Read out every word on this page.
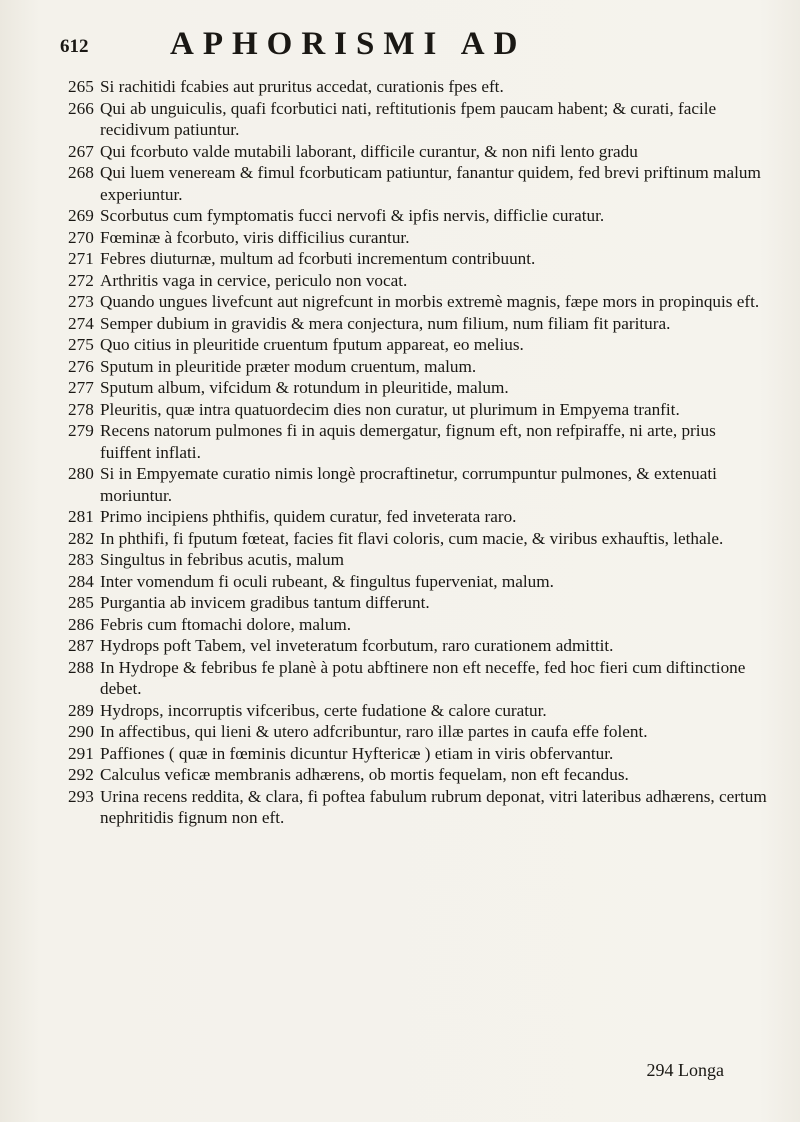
612 APHORISMI AD
265 Si rachitidi fcabies aut pruritus accedat, curationis fpes eft.
266 Qui ab unguiculis, quafi fcorbutici nati, reftitutionis fpem paucam habent; & curati, facile recidivum patiuntur.
267 Qui fcorbuto valde mutabili laborant, difficile curantur, & non nifi lento gradu
268 Qui luem veneream & fimul fcorbuticam patiuntur, fanantur quidem, fed brevi priftinum malum experiuntur.
269 Scorbutus cum fymptomatis fucci nervofi & ipfis nervis, difficlie curatur.
270 Fœminæ à fcorbuto, viris difficilius curantur.
271 Febres diuturnæ, multum ad fcorbuti incrementum contribuunt.
272 Arthritis vaga in cervice, periculo non vocat.
273 Quando ungues livefcunt aut nigrefcunt in morbis extremè magnis, fæpe mors in propinquis eft.
274 Semper dubium in gravidis & mera conjectura, num filium, num filiam fit paritura.
275 Quo citius in pleuritide cruentum fputum appareat, eo melius.
276 Sputum in pleuritide præter modum cruentum, malum.
277 Sputum album, vifcidum & rotundum in pleuritide, malum.
278 Pleuritis, quæ intra quatuordecim dies non curatur, ut plurimum in Empyema tranfit.
279 Recens natorum pulmones fi in aquis demergatur, fignum eft, non refpiraffe, ni arte, prius fuiffent inflati.
280 Si in Empyemate curatio nimis longè procraftinetur, corrumpuntur pulmones, & extenuati moriuntur.
281 Primo incipiens phthifis, quidem curatur, fed inveterata raro.
282 In phthifi, fi fputum fœteat, facies fit flavi coloris, cum macie, & viribus exhauftis, lethale.
283 Singultus in febribus acutis, malum
284 Inter vomendum fi oculi rubeant, & fingultus fuperveniat, malum.
285 Purgantia ab invicem gradibus tantum differunt.
286 Febris cum ftomachi dolore, malum.
287 Hydrops poft Tabem, vel inveteratum fcorbutum, raro curationem admittit.
288 In Hydrope & febribus fe planè à potu abftinere non eft neceffe, fed hoc fieri cum diftinctione debet.
289 Hydrops, incorruptis vifceribus, certe fudatione & calore curatur.
290 In affectibus, qui lieni & utero adfcribuntur, raro illæ partes in caufa effe folent.
291 Paffiones ( quæ in fœminis dicuntur Hyftericæ ) etiam in viris obfervantur.
292 Calculus veficæ membranis adhærens, ob mortis fequelam, non eft fecandus.
293 Urina recens reddita, & clara, fi poftea fabulum rubrum deponat, vitri lateribus adhærens, certum nephritidis fignum non eft.
294 Longa
